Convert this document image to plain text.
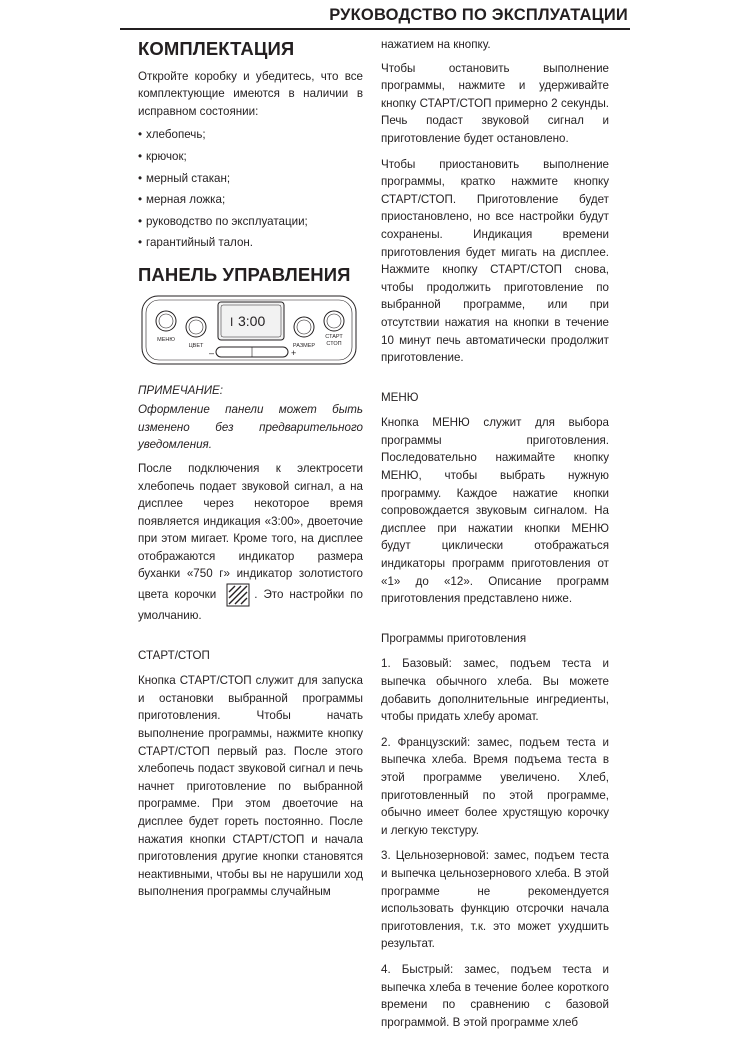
РУКОВОДСТВО ПО ЭКСПЛУАТАЦИИ
КОМПЛЕКТАЦИЯ

Откройте коробку и убедитесь, что все комплектующие имеются в наличии в исправном состоянии:

• хлебопечь;
• крючок;
• мерный стакан;
• мерная ложка;
• руководство по эксплуатации;
• гарантийный талон.
ПАНЕЛЬ УПРАВЛЕНИЯ
I 3:00
МЕНЮ
ЦВЕТ	РАЗМЕР
СТАРТ
СТОП
–	+
ПРИМЕЧАНИЕ:

Оформление панели может быть изменено без предварительного уведомления.

После подключения к электросети хлебопечь подает звуковой сигнал, а на дисплее через некоторое время появляется индикация «3:00», двоеточие при этом мигает. Кроме того, на дисплее отображаются индикатор размера буханки «750 г» индикатор золотистого цвета корочки	. Это настройки по умолчанию.

СТАРТ/СТОП

Кнопка СТАРТ/СТОП служит для запуска и остановки выбранной программы приготовления. Чтобы начать выполнение программы, нажмите кнопку СТАРТ/СТОП первый раз. После этого хлебопечь подаст звуковой сигнал и печь начнет приготовление по выбранной программе. При этом двоеточие на дисплее будет гореть постоянно. После нажатия кнопки СТАРТ/СТОП и начала приготовления другие кнопки становятся неактивными, чтобы вы не нарушили ход выполнения программы случайным

нажатием на кнопку.

Чтобы остановить выполнение программы, нажмите и удерживайте кнопку СТАРТ/СТОП примерно 2 секунды. Печь подаст звуковой сигнал и приготовление будет остановлено.

Чтобы приостановить выполнение программы, кратко нажмите кнопку СТАРТ/СТОП. Приготовление будет приостановлено, но все настройки будут сохранены. Индикация времени приготовления будет мигать на дисплее. Нажмите кнопку СТАРТ/СТОП снова, чтобы продолжить приготовление по выбранной программе, или при отсутствии нажатия на кнопки в течение 10 минут печь автоматически продолжит приготовление.

МЕНЮ

Кнопка МЕНЮ служит для выбора программы приготовления. Последовательно нажимайте кнопку МЕНЮ, чтобы выбрать нужную программу. Каждое нажатие кнопки сопровождается звуковым сигналом. На дисплее при нажатии кнопки МЕНЮ будут циклически отображаться индикаторы программ приготовления от «1» до «12». Описание программ приготовления представлено ниже.

Программы приготовления

1. Базовый: замес, подъем теста и выпечка обычного хлеба. Вы можете добавить дополнительные ингредиенты, чтобы придать хлебу аромат.

2. Французский: замес, подъем теста и выпечка хлеба. Время подъема теста в этой программе увеличено. Хлеб, приготовленный по этой программе, обычно имеет более хрустящую корочку и легкую текстуру.

3. Цельнозерновой: замес, подъем теста и выпечка цельнозернового хлеба. В этой программе не рекомендуется использовать функцию отсрочки начала приготовления, т.к. это может ухудшить результат.

4. Быстрый: замес, подъем теста и выпечка хлеба в течение более короткого времени по сравнению с базовой программой. В этой программе хлеб
